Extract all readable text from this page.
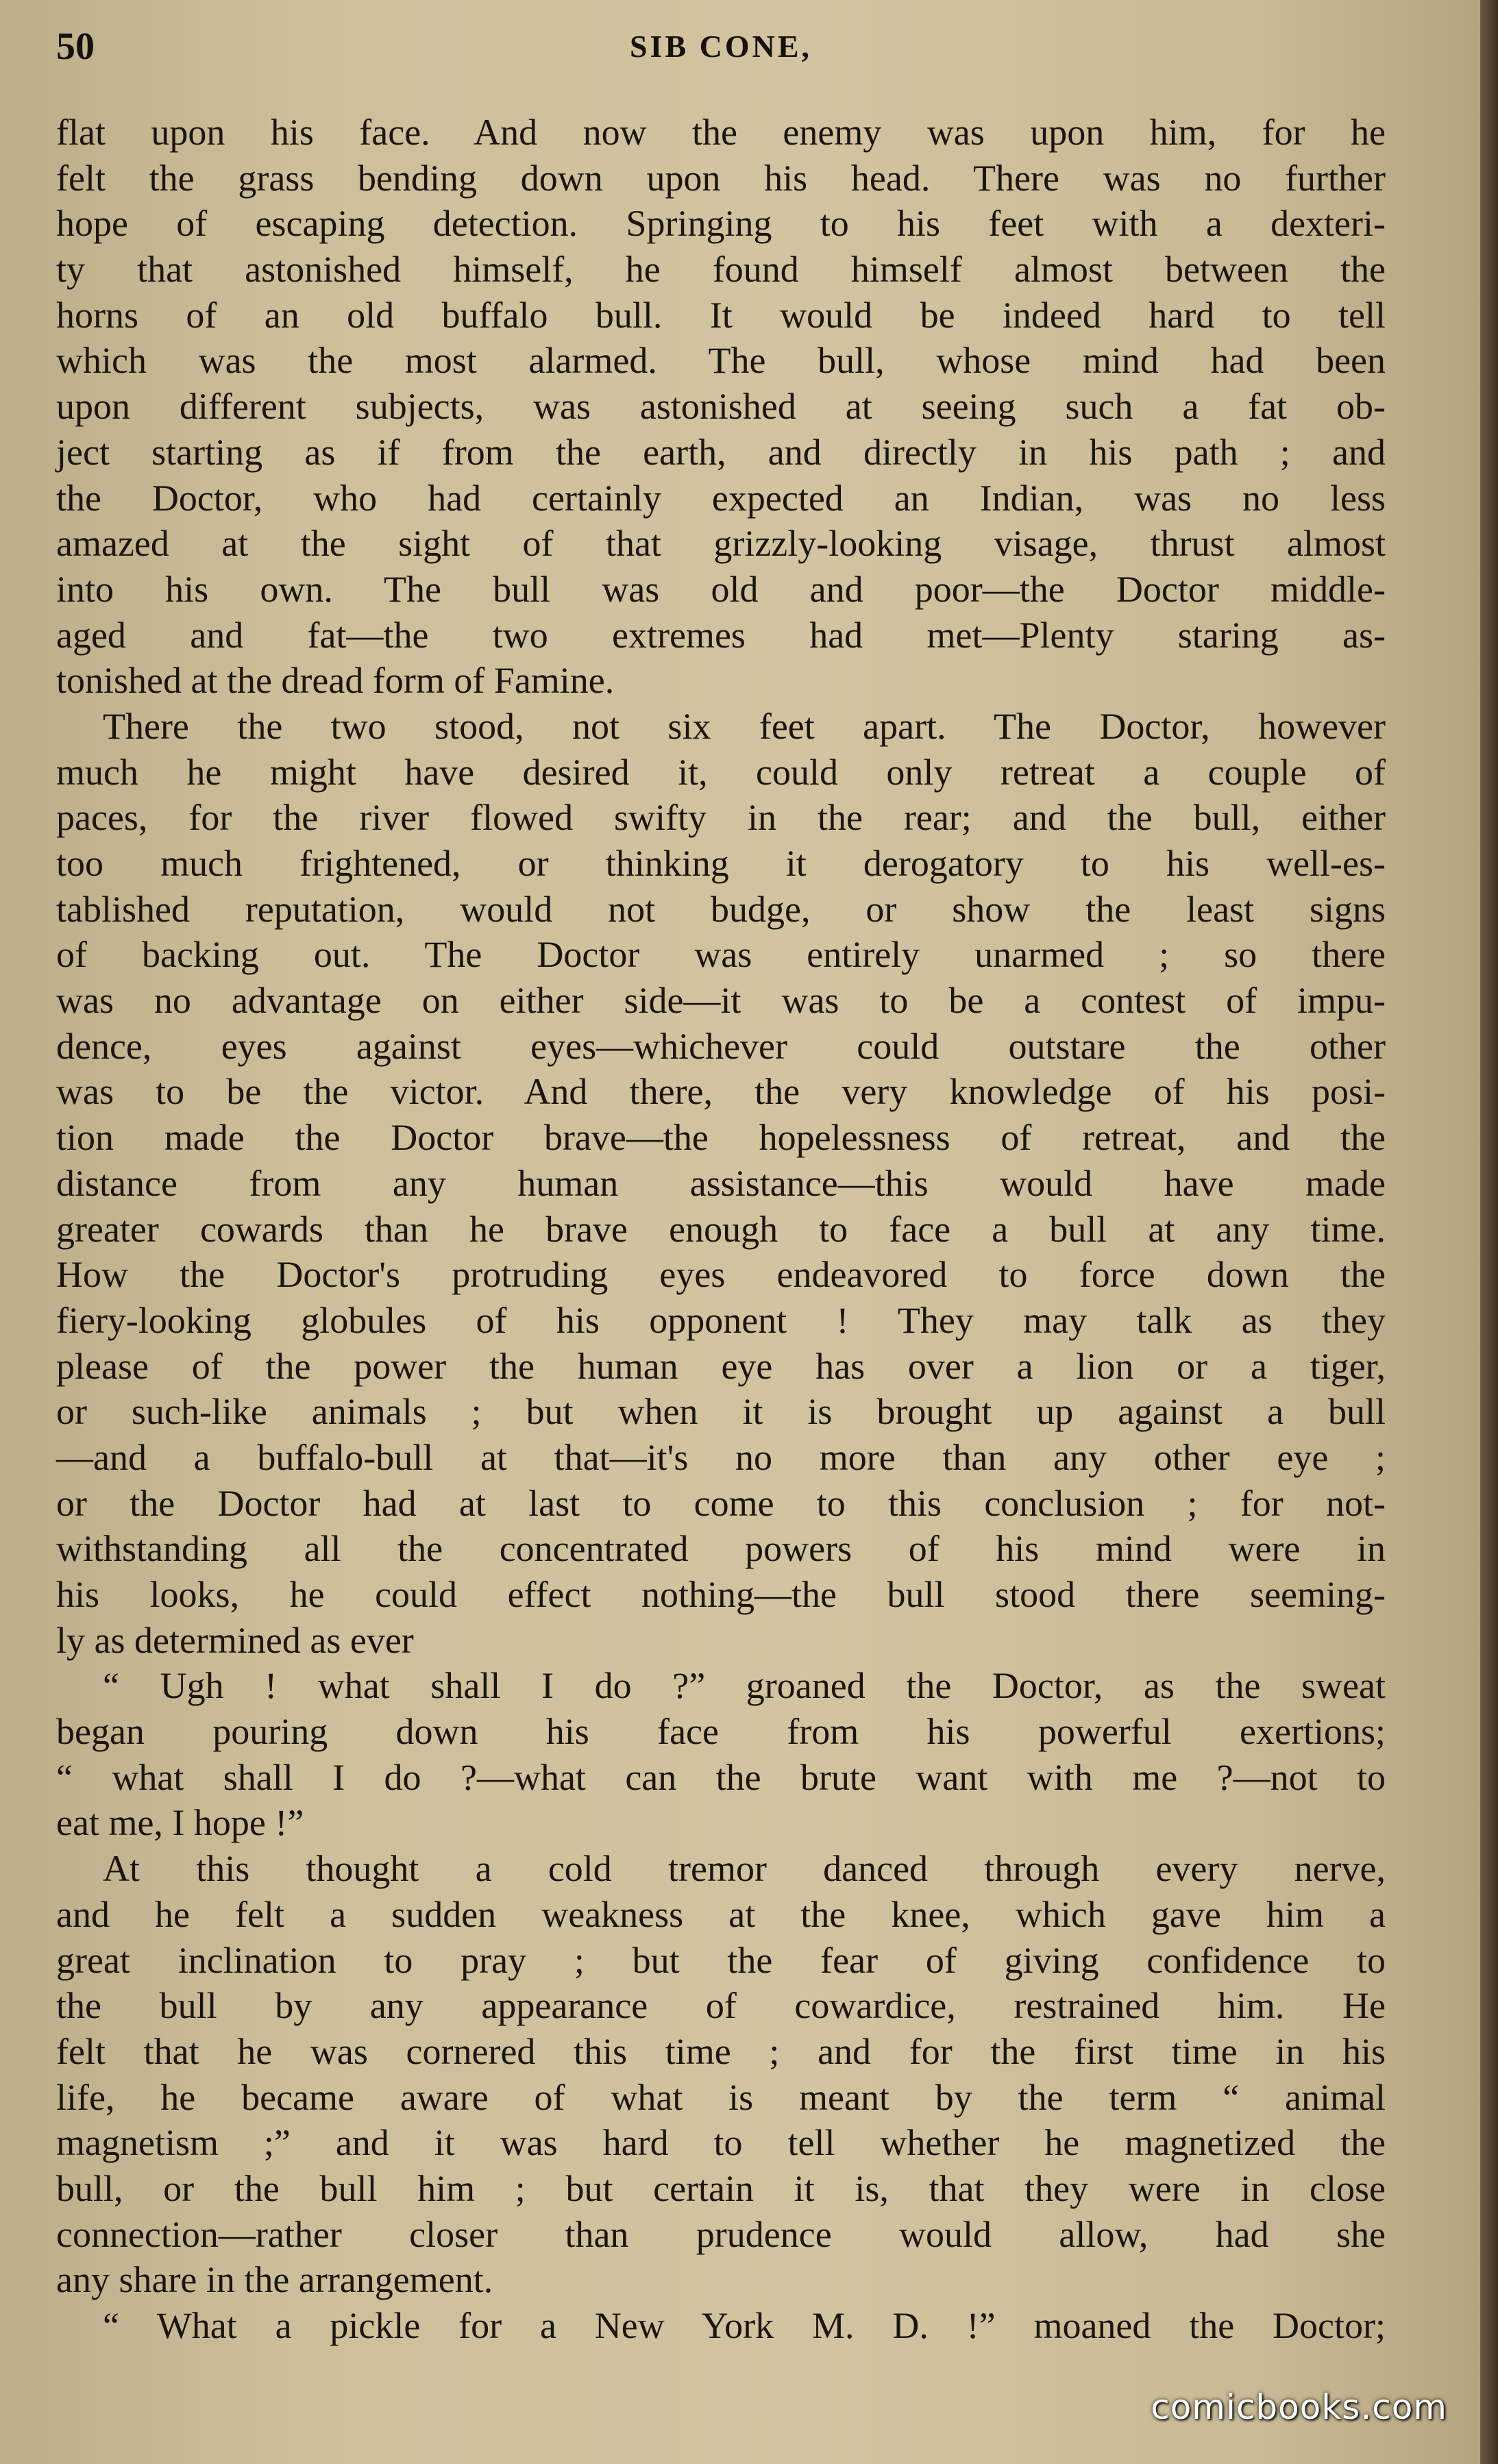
50	SIB CONE,
flat upon his face. And now the enemy was upon him, for he
felt the grass bending down upon his head. There was no further
hope of escaping detection. Springing to his feet with a dexteri-
ty that astonished himself, he found himself almost between the
horns of an old buffalo bull. It would be indeed hard to tell
which was the most alarmed. The bull, whose mind had been
upon different subjects, was astonished at seeing such a fat ob-
ject starting as if from the earth, and directly in his path ; and
the Doctor, who had certainly expected an Indian, was no less
amazed at the sight of that grizzly-looking visage, thrust almost
into his own. The bull was old and poor—the Doctor middle-
aged and fat—the two extremes had met—Plenty staring as-
tonished at the dread form of Famine.
There the two stood, not six feet apart. The Doctor, however
much he might have desired it, could only retreat a couple of
paces, for the river flowed swifty in the rear; and the bull, either
too much frightened, or thinking it derogatory to his well-es-
tablished reputation, would not budge, or show the least signs
of backing out. The Doctor was entirely unarmed ; so there
was no advantage on either side—it was to be a contest of impu-
dence, eyes against eyes—whichever could outstare the other
was to be the victor. And there, the very knowledge of his posi-
tion made the Doctor brave—the hopelessness of retreat, and the
distance from any human assistance—this would have made
greater cowards than he brave enough to face a bull at any time.
How the Doctor's protruding eyes endeavored to force down the
fiery-looking globules of his opponent ! They may talk as they
please of the power the human eye has over a lion or a tiger,
or such-like animals ; but when it is brought up against a bull
—and a buffalo-bull at that—it's no more than any other eye ;
or the Doctor had at last to come to this conclusion ; for not-
withstanding all the concentrated powers of his mind were in
his looks, he could effect nothing—the bull stood there seeming-
ly as determined as ever
“ Ugh ! what shall I do ?” groaned the Doctor, as the sweat
began pouring down his face from his powerful exertions;
“ what shall I do ?—what can the brute want with me ?—not to
eat me, I hope !”
At this thought a cold tremor danced through every nerve,
and he felt a sudden weakness at the knee, which gave him a
great inclination to pray ; but the fear of giving confidence to
the bull by any appearance of cowardice, restrained him. He
felt that he was cornered this time ; and for the first time in his
life, he became aware of what is meant by the term “ animal
magnetism ;” and it was hard to tell whether he magnetized the
bull, or the bull him ; but certain it is, that they were in close
connection—rather closer than prudence would allow, had she
any share in the arrangement.
“ What a pickle for a New York M. D. !” moaned the Doctor;
comicbooks.com
